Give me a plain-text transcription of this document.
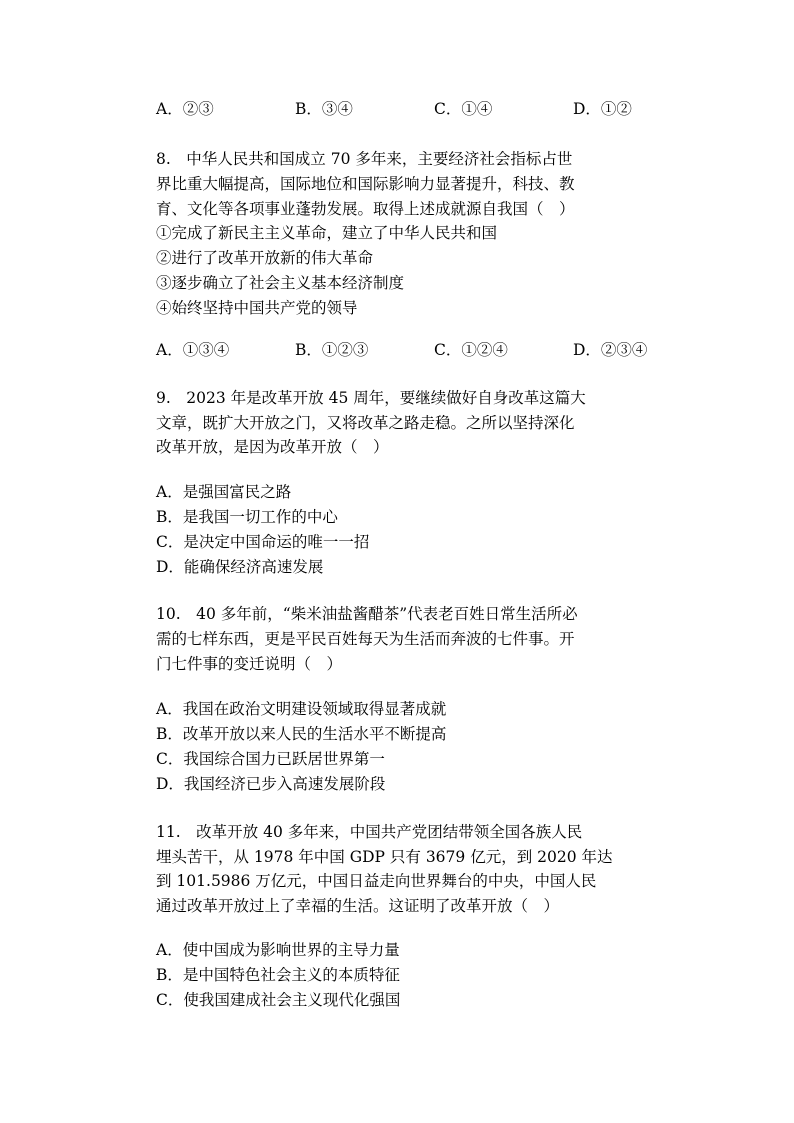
A．②③	B．③④	C．①④	D．①②
8.　中华人民共和国成立 70 多年来，主要经济社会指标占世
界比重大幅提高，国际地位和国际影响力显著提升，科技、教
育、文化等各项事业蓬勃发展。取得上述成就源自我国（　）
①完成了新民主主义革命，建立了中华人民共和国
②进行了改革开放新的伟大革命
③逐步确立了社会主义基本经济制度
④始终坚持中国共产党的领导
A．①③④	B．①②③	C．①②④	D．②③④
9.　2023 年是改革开放 45 周年，要继续做好自身改革这篇大
文章，既扩大开放之门，又将改革之路走稳。之所以坚持深化
改革开放，是因为改革开放（　）
A．是强国富民之路
B．是我国一切工作的中心
C．是决定中国命运的唯一一招
D．能确保经济高速发展
10.　40 多年前，“柴米油盐酱醋茶”代表老百姓日常生活所必
需的七样东西，更是平民百姓每天为生活而奔波的七件事。开
门七件事的变迁说明（　）
A．我国在政治文明建设领域取得显著成就
B．改革开放以来人民的生活水平不断提高
C．我国综合国力已跃居世界第一
D．我国经济已步入高速发展阶段
11.　改革开放 40 多年来，中国共产党团结带领全国各族人民
埋头苦干，从 1978 年中国 GDP 只有 3679 亿元，到 2020 年达
到 101.5986 万亿元，中国日益走向世界舞台的中央，中国人民
通过改革开放过上了幸福的生活。这证明了改革开放（　）
A．使中国成为影响世界的主导力量
B．是中国特色社会主义的本质特征
C．使我国建成社会主义现代化强国
